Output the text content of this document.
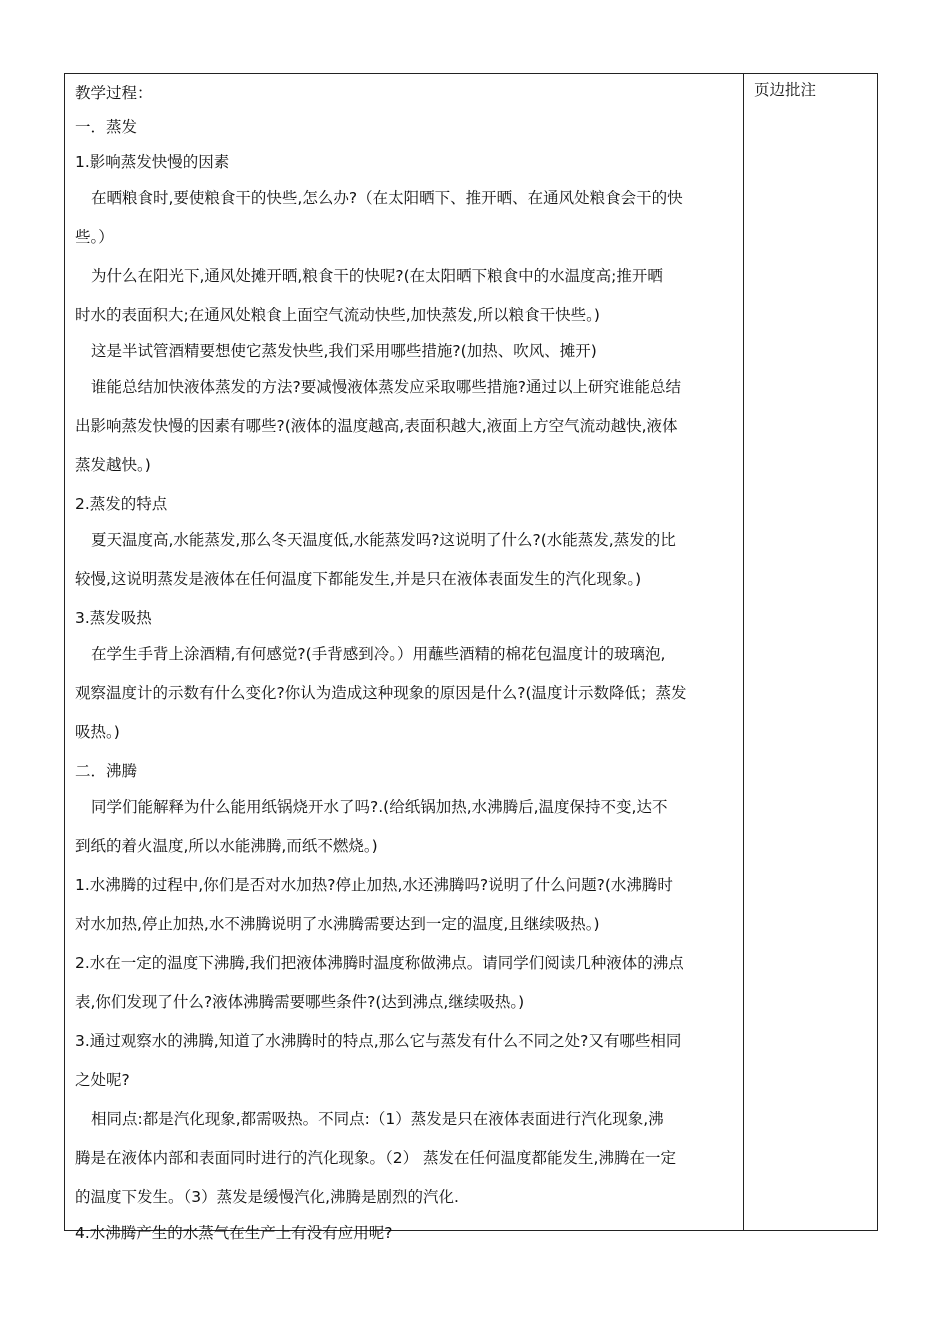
教学过程：
一．蒸发
1.影响蒸发快慢的因素
在晒粮食时,要使粮食干的快些,怎么办?（在太阳晒下、推开晒、在通风处粮食会干的快
些。）
为什么在阳光下,通风处摊开晒,粮食干的快呢?(在太阳晒下粮食中的水温度高;推开晒
时水的表面积大;在通风处粮食上面空气流动快些,加快蒸发,所以粮食干快些。)
这是半试管酒精要想使它蒸发快些,我们采用哪些措施?(加热、吹风、摊开)
谁能总结加快液体蒸发的方法?要减慢液体蒸发应采取哪些措施?通过以上研究谁能总结
出影响蒸发快慢的因素有哪些?(液体的温度越高,表面积越大,液面上方空气流动越快,液体
蒸发越快。)
2.蒸发的特点
夏天温度高,水能蒸发,那么冬天温度低,水能蒸发吗?这说明了什么?(水能蒸发,蒸发的比
较慢,这说明蒸发是液体在任何温度下都能发生,并是只在液体表面发生的汽化现象。)
3.蒸发吸热
在学生手背上涂酒精,有何感觉?(手背感到冷。）用蘸些酒精的棉花包温度计的玻璃泡,
观察温度计的示数有什么变化?你认为造成这种现象的原因是什么?(温度计示数降低；蒸发
吸热。)
二．沸腾
同学们能解释为什么能用纸锅烧开水了吗?.(给纸锅加热,水沸腾后,温度保持不变,达不
到纸的着火温度,所以水能沸腾,而纸不燃烧。)
1.水沸腾的过程中,你们是否对水加热?停止加热,水还沸腾吗?说明了什么问题?(水沸腾时
对水加热,停止加热,水不沸腾说明了水沸腾需要达到一定的温度,且继续吸热。)
2.水在一定的温度下沸腾,我们把液体沸腾时温度称做沸点。请同学们阅读几种液体的沸点
表,你们发现了什么?液体沸腾需要哪些条件?(达到沸点,继续吸热。)
3.通过观察水的沸腾,知道了水沸腾时的特点,那么它与蒸发有什么不同之处?又有哪些相同
之处呢?
相同点:都是汽化现象,都需吸热。不同点:（1）蒸发是只在液体表面进行汽化现象,沸
腾是在液体内部和表面同时进行的汽化现象。（2） 蒸发在任何温度都能发生,沸腾在一定
的温度下发生。（3）蒸发是缓慢汽化,沸腾是剧烈的汽化.
4.水沸腾产生的水蒸气在生产上有没有应用呢?
页边批注
